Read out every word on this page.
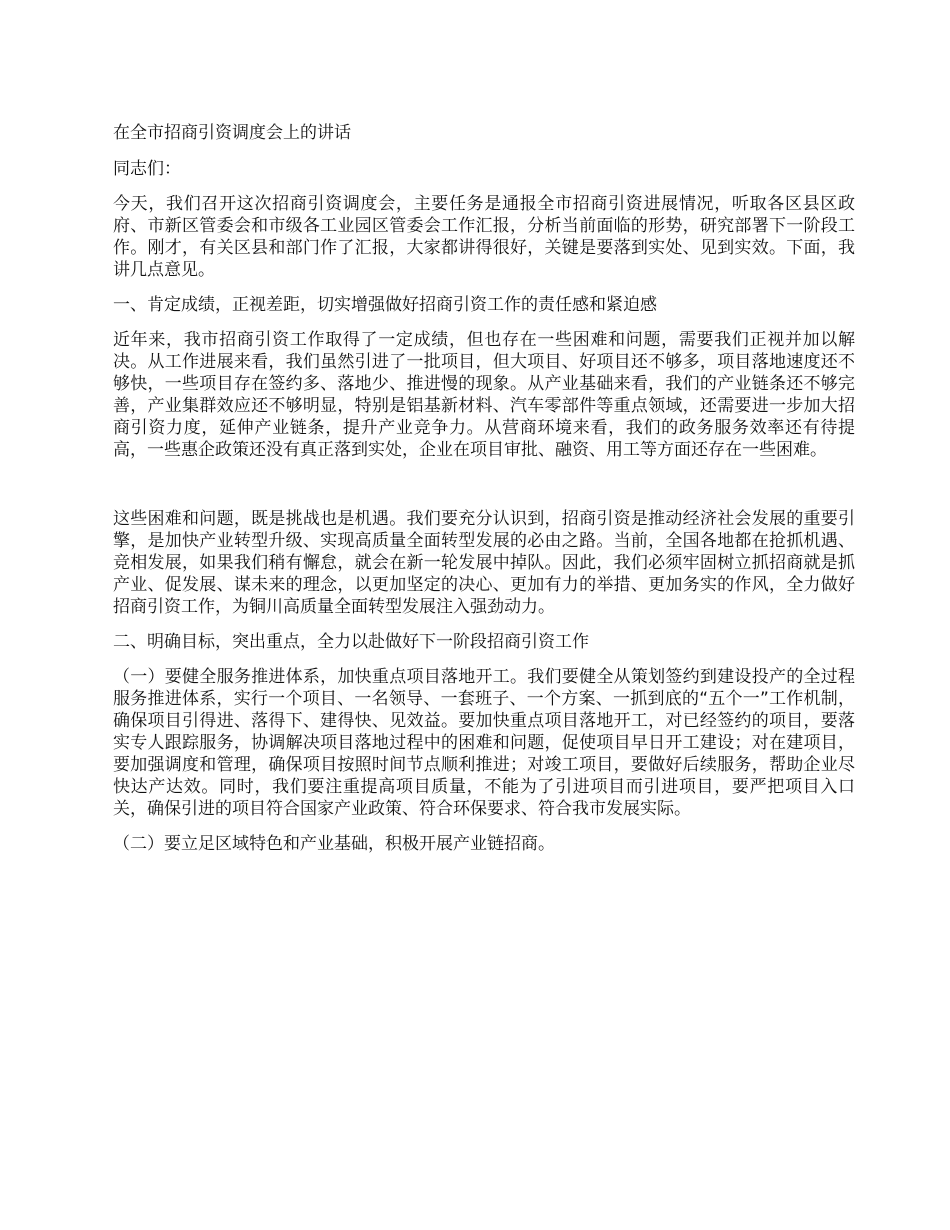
在全市招商引资调度会上的讲话

同志们：

今天，我们召开这次招商引资调度会，主要任务是通报全市招商引资进展情况，听取各区县区政府、市新区管委会和市级各工业园区管委会工作汇报，分析当前面临的形势，研究部署下一阶段工作。刚才，有关区县和部门作了汇报，大家都讲得很好，关键是要落到实处、见到实效。下面，我讲几点意见。

一、肯定成绩，正视差距，切实增强做好招商引资工作的责任感和紧迫感

近年来，我市招商引资工作取得了一定成绩，但也存在一些困难和问题，需要我们正视并加以解决。从工作进展来看，我们虽然引进了一批项目，但大项目、好项目还不够多，项目落地速度还不够快，一些项目存在签约多、落地少、推进慢的现象。从产业基础来看，我们的产业链条还不够完善，产业集群效应还不够明显，特别是铝基新材料、汽车零部件等重点领域，还需要进一步加大招商引资力度，延伸产业链条，提升产业竞争力。从营商环境来看，我们的政务服务效率还有待提高，一些惠企政策还没有真正落到实处，企业在项目审批、融资、用工等方面还存在一些困难。

这些困难和问题，既是挑战也是机遇。我们要充分认识到，招商引资是推动经济社会发展的重要引擎，是加快产业转型升级、实现高质量全面转型发展的必由之路。当前，全国各地都在抢抓机遇、竞相发展，如果我们稍有懈怠，就会在新一轮发展中掉队。因此，我们必须牢固树立抓招商就是抓产业、促发展、谋未来的理念，以更加坚定的决心、更加有力的举措、更加务实的作风，全力做好招商引资工作，为铜川高质量全面转型发展注入强劲动力。

二、明确目标，突出重点，全力以赴做好下一阶段招商引资工作

（一）要健全服务推进体系，加快重点项目落地开工。我们要健全从策划签约到建设投产的全过程服务推进体系，实行一个项目、一名领导、一套班子、一个方案、一抓到底的“五个一”工作机制，确保项目引得进、落得下、建得快、见效益。要加快重点项目落地开工，对已经签约的项目，要落实专人跟踪服务，协调解决项目落地过程中的困难和问题，促使项目早日开工建设；对在建项目，要加强调度和管理，确保项目按照时间节点顺利推进；对竣工项目，要做好后续服务，帮助企业尽快达产达效。同时，我们要注重提高项目质量，不能为了引进项目而引进项目，要严把项目入口关，确保引进的项目符合国家产业政策、符合环保要求、符合我市发展实际。

（二）要立足区域特色和产业基础，积极开展产业链招商。
